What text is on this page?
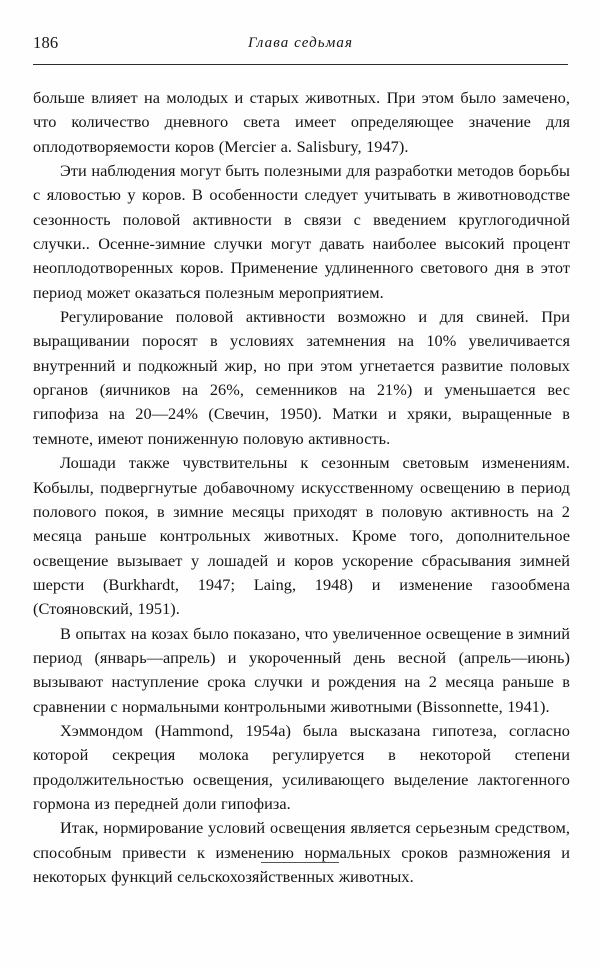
186	Глава седьмая

больше влияет на молодых и старых животных. При этом было замечено, что количество дневного света имеет определяющее значение для оплодотворяемости коров (Mercier a. Salisbury, 1947).

Эти наблюдения могут быть полезными для разработки методов борьбы с яловостью у коров. В особенности следует учитывать в животноводстве сезонность половой активности в связи с введением круглогодичной случки.. Осенне-зимние случки могут давать наиболее высокий процент неоплодотворенных коров. Применение удлиненного светового дня в этот период может оказаться полезным мероприятием.

Регулирование половой активности возможно и для свиней. При выращивании поросят в условиях затемнения на 10% увеличивается внутренний и подкожный жир, но при этом угнетается развитие половых органов (яичников на 26%, семенников на 21%) и уменьшается вес гипофиза на 20—24% (Свечин, 1950). Матки и хряки, выращенные в темноте, имеют пониженную половую активность.

Лошади также чувствительны к сезонным световым изменениям. Кобылы, подвергнутые добавочному искусственному освещению в период полового покоя, в зимние месяцы приходят в половую активность на 2 месяца раньше контрольных животных. Кроме того, дополнительное освещение вызывает у лошадей и коров ускорение сбрасывания зимней шерсти (Burkhardt, 1947; Laing, 1948) и изменение газообмена (Стояновский, 1951).

В опытах на козах было показано, что увеличенное освещение в зимний период (январь—апрель) и укороченный день весной (апрель—июнь) вызывают наступление срока случки и рождения на 2 месяца раньше в сравнении с нормальными контрольными животными (Bissonnette, 1941).

Хэммондом (Hammond, 1954а) была высказана гипотеза, согласно которой секреция молока регулируется в некоторой степени продолжительностью освещения, усиливающего выделение лактогенного гормона из передней доли гипофиза.

Итак, нормирование условий освещения является серьезным средством, способным привести к изменению нормальных сроков размножения и некоторых функций сельскохозяйственных животных.
